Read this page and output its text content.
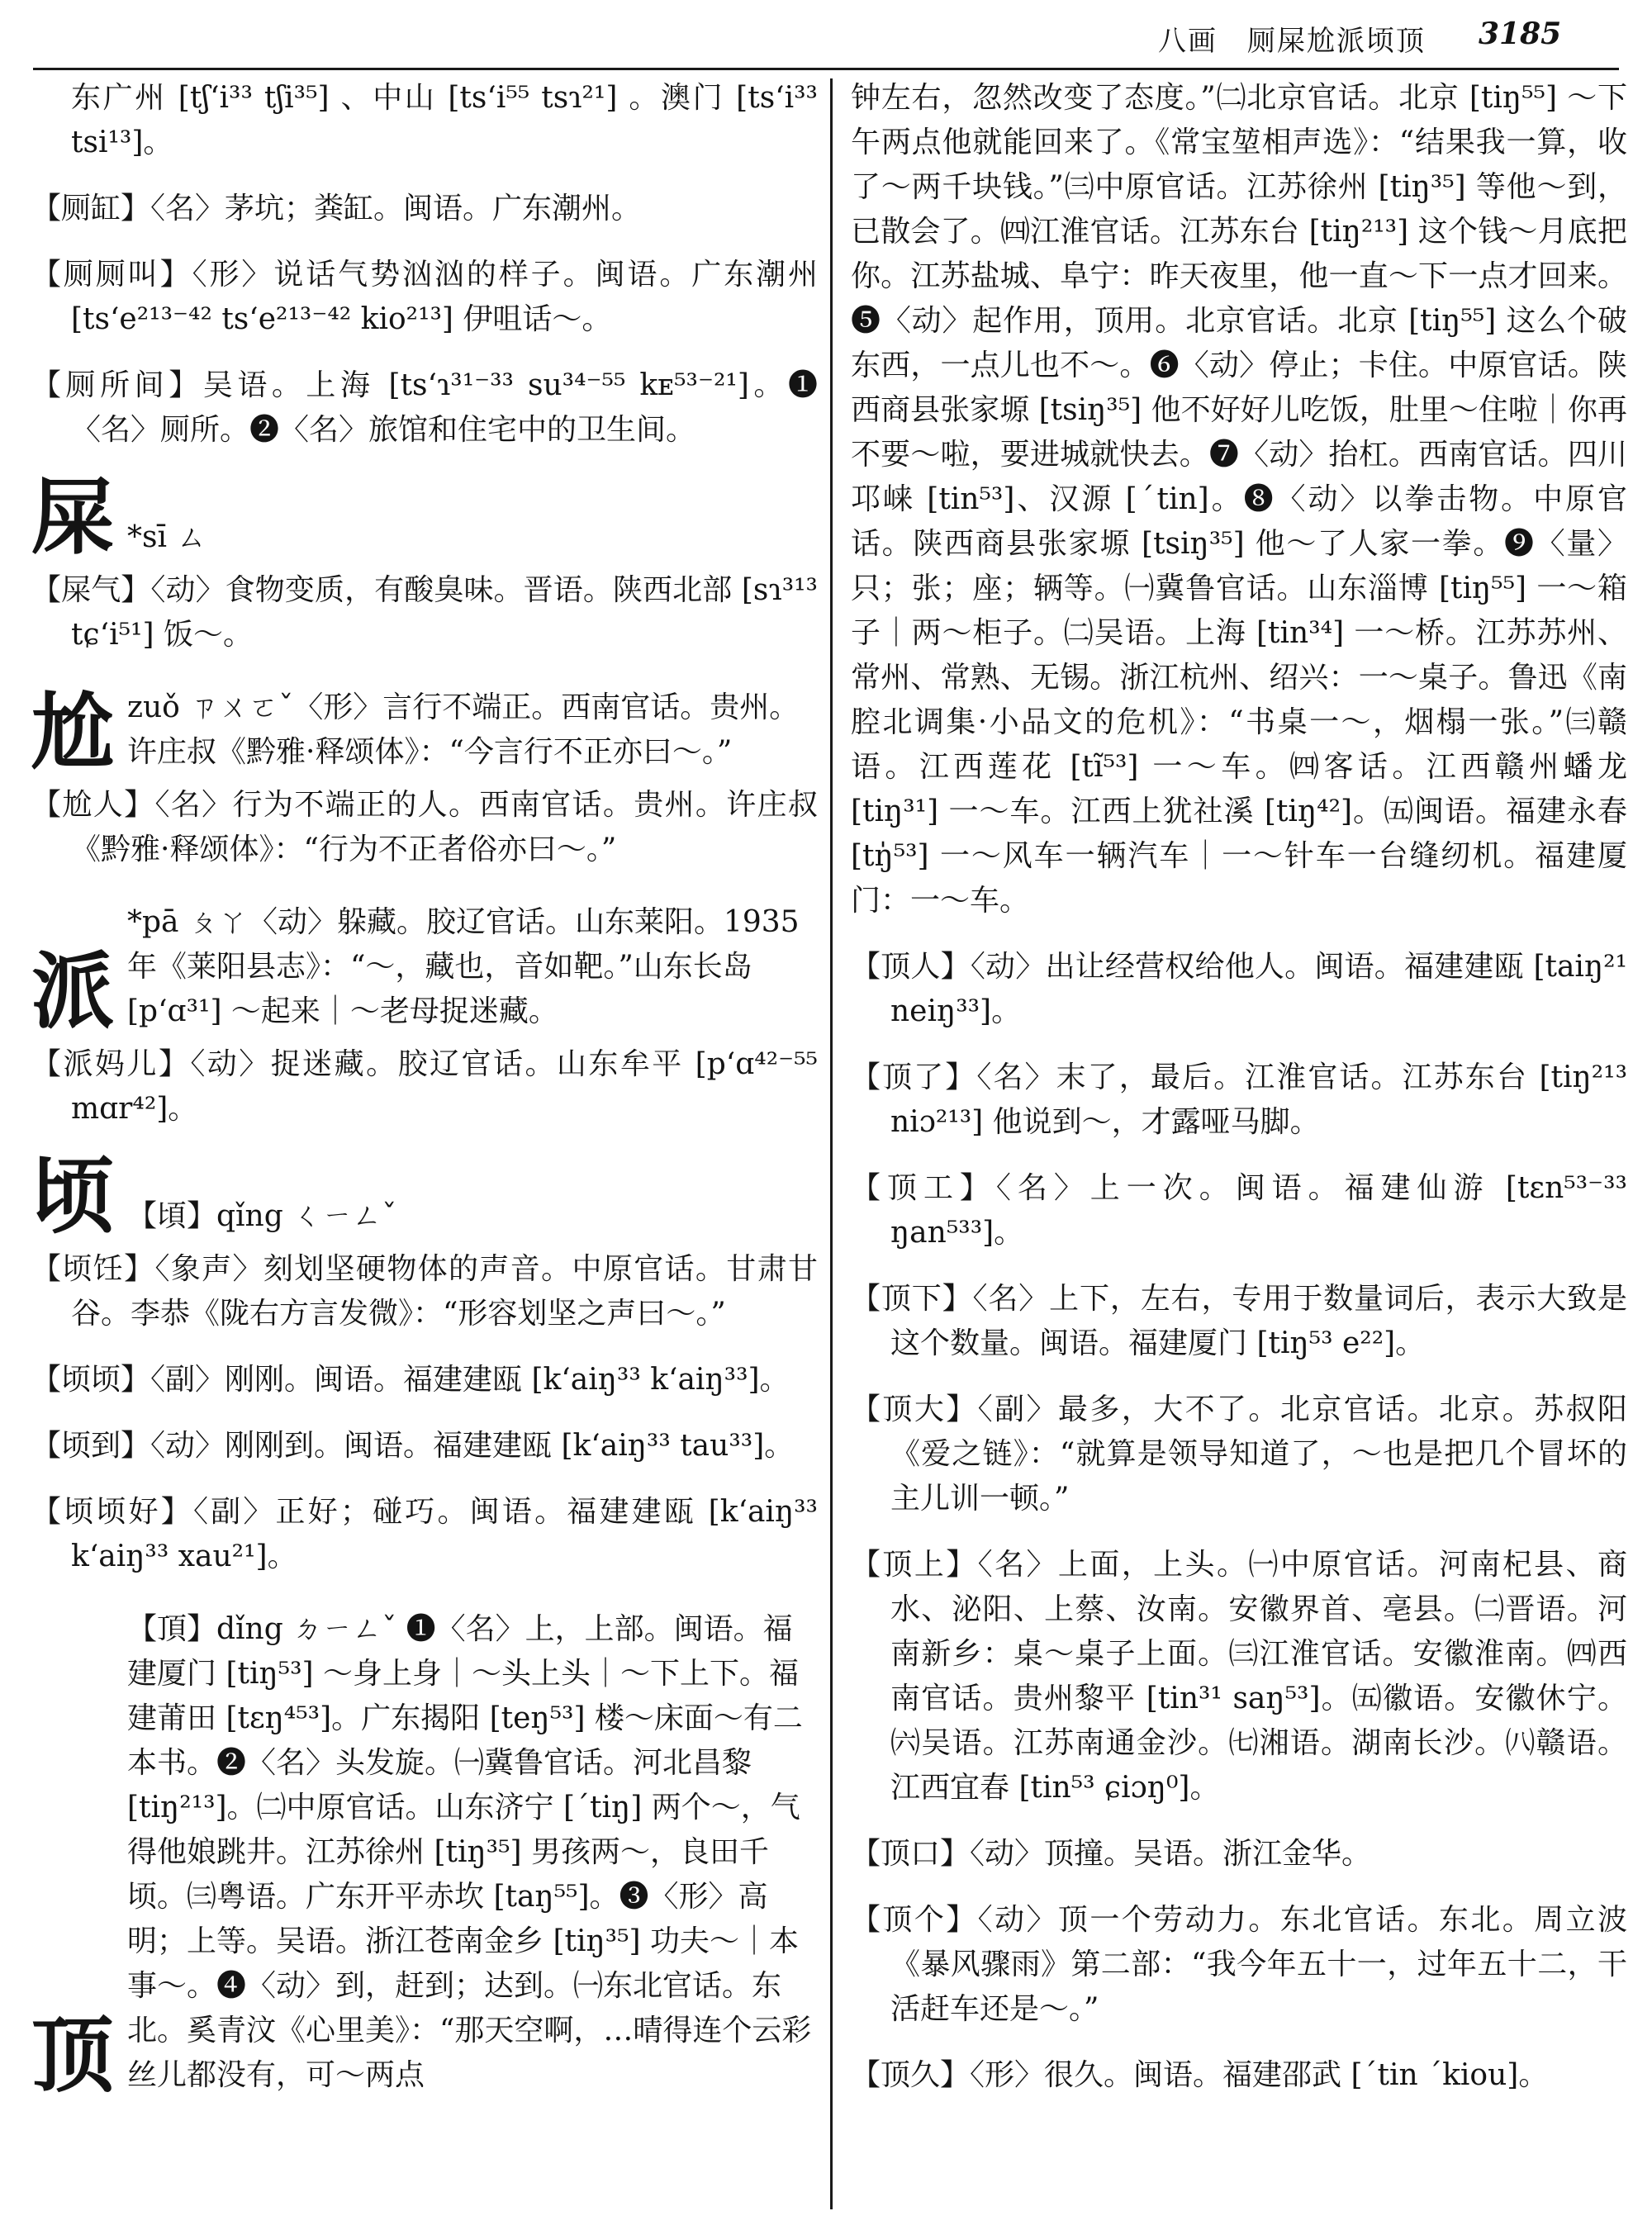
八画　厕屎尬派顷顶 3185

东广州 [tʃʻi³³ tʃi³⁵] 、中山 [tsʻi⁵⁵ tsɿ²¹] 。澳门 [tsʻi³³ tsi¹³]。

【厕缸】〈名〉茅坑；粪缸。闽语。广东潮州。

【厕厕叫】〈形〉说话气势汹汹的样子。闽语。广东潮州 [tsʻe²¹³⁻⁴² tsʻe²¹³⁻⁴² kio²¹³] 伊咀话～。

【厕所间】吴语。上海 [tsʻɿ³¹⁻³³ su³⁴⁻⁵⁵ kᴇ⁵³⁻²¹]。❶〈名〉厕所。❷〈名〉旅馆和住宅中的卫生间。

屎 *sī ㄙ

【屎气】〈动〉食物变质，有酸臭味。晋语。陕西北部 [sɿ³¹³ tɕʻi⁵¹] 饭～。

尬 zuǒ ㄗㄨㄛˇ〈形〉言行不端正。西南官话。贵州。许庄叔《黔雅·释颂体》：“今言行不正亦曰～。”

【尬人】〈名〉行为不端正的人。西南官话。贵州。许庄叔《黔雅·释颂体》：“行为不正者俗亦曰～。”

派
*pā ㄆㄚ〈动〉躲藏。胶辽官话。山东莱阳。1935年《莱阳县志》：“～，藏也，音如靶。”山东长岛 [pʻɑ³¹] ～起来｜～老母捉迷藏。

【派妈儿】〈动〉捉迷藏。胶辽官话。山东牟平 [pʻɑ⁴²⁻⁵⁵ mɑr⁴²]。

顷 【頃】qǐng ㄑㄧㄥˇ

【顷饪】〈象声〉刻划坚硬物体的声音。中原官话。甘肃甘谷。李恭《陇右方言发微》：“形容划坚之声曰～。”

【顷顷】〈副〉刚刚。闽语。福建建瓯 [kʻaiŋ³³ kʻaiŋ³³]。

【顷到】〈动〉刚刚到。闽语。福建建瓯 [kʻaiŋ³³ tau³³]。

【顷顷好】〈副〉正好；碰巧。闽语。福建建瓯 [kʻaiŋ³³ kʻaiŋ³³ xau²¹]。

顶
【頂】dǐng ㄉㄧㄥˇ ❶〈名〉上，上部。闽语。福建厦门 [tiŋ⁵³] ～身上身｜～头上头｜～下上下。福建莆田 [tɛŋ⁴⁵³]。广东揭阳 [teŋ⁵³] 楼～床面～有二本书。❷〈名〉头发旋。㈠冀鲁官话。河北昌黎 [tiŋ²¹³]。㈡中原官话。山东济宁 [ˊtiŋ] 两个～，气得他娘跳井。江苏徐州 [tiŋ³⁵] 男孩两～，良田千顷。㈢粤语。广东开平赤坎 [taŋ⁵⁵]。❸〈形〉高明；上等。吴语。浙江苍南金乡 [tiŋ³⁵] 功夫～｜本事～。❹〈动〉到，赶到；达到。㈠东北官话。东北。奚青汶《心里美》：“那天空啊，…晴得连个云彩丝儿都没有，可～两点

钟左右，忽然改变了态度。”㈡北京官话。北京 [tiŋ⁵⁵] ～下午两点他就能回来了。《常宝堃相声选》：“结果我一算，收了～两千块钱。”㈢中原官话。江苏徐州 [tiŋ³⁵] 等他～到，已散会了。㈣江淮官话。江苏东台 [tiŋ²¹³] 这个钱～月底把你。江苏盐城、阜宁：昨天夜里，他一直～下一点才回来。❺〈动〉起作用，顶用。北京官话。北京 [tiŋ⁵⁵] 这么个破东西，一点儿也不～。❻〈动〉停止；卡住。中原官话。陕西商县张家塬 [tsiŋ³⁵] 他不好好儿吃饭，肚里～住啦｜你再不要～啦，要进城就快去。❼〈动〉抬杠。西南官话。四川邛崃 [tin⁵³]、汉源 [ˊtin]。❽〈动〉以拳击物。中原官话。陕西商县张家塬 [tsiŋ³⁵] 他～了人家一拳。❾〈量〉只；张；座；辆等。㈠冀鲁官话。山东淄博 [tiŋ⁵⁵] 一～箱子｜两～柜子。㈡吴语。上海 [tin³⁴] 一～桥。江苏苏州、常州、常熟、无锡。浙江杭州、绍兴：一～桌子。鲁迅《南腔北调集·小品文的危机》：“书桌一～，烟榻一张。”㈢赣语。江西莲花 [tĩ⁵³] 一～车。㈣客话。江西赣州蟠龙 [tiŋ³¹] 一～车。江西上犹社溪 [tiŋ⁴²]。㈤闽语。福建永春 [tŋ̍⁵³] 一～风车一辆汽车｜一～针车一台缝纫机。福建厦门：一～车。

【顶人】〈动〉出让经营权给他人。闽语。福建建瓯 [taiŋ²¹ neiŋ³³]。

【顶了】〈名〉末了，最后。江淮官话。江苏东台 [tiŋ²¹³ niɔ²¹³] 他说到～，才露哑马脚。

【顶工】〈名〉上一次。闽语。福建仙游 [tɛn⁵³⁻³³ ŋan⁵³³]。

【顶下】〈名〉上下，左右，专用于数量词后，表示大致是这个数量。闽语。福建厦门 [tiŋ⁵³ e²²]。

【顶大】〈副〉最多，大不了。北京官话。北京。苏叔阳《爱之链》：“就算是领导知道了，～也是把几个冒坏的主儿训一顿。”

【顶上】〈名〉上面，上头。㈠中原官话。河南杞县、商水、泌阳、上蔡、汝南。安徽界首、亳县。㈡晋语。河南新乡：桌～桌子上面。㈢江淮官话。安徽淮南。㈣西南官话。贵州黎平 [tin³¹ saŋ⁵³]。㈤徽语。安徽休宁。㈥吴语。江苏南通金沙。㈦湘语。湖南长沙。㈧赣语。江西宜春 [tin⁵³ ɕiɔŋ⁰]。

【顶口】〈动〉顶撞。吴语。浙江金华。

【顶个】〈动〉顶一个劳动力。东北官话。东北。周立波《暴风骤雨》第二部：“我今年五十一，过年五十二，干活赶车还是～。”

【顶久】〈形〉很久。闽语。福建邵武 [ˊtin ˊkiou]。
